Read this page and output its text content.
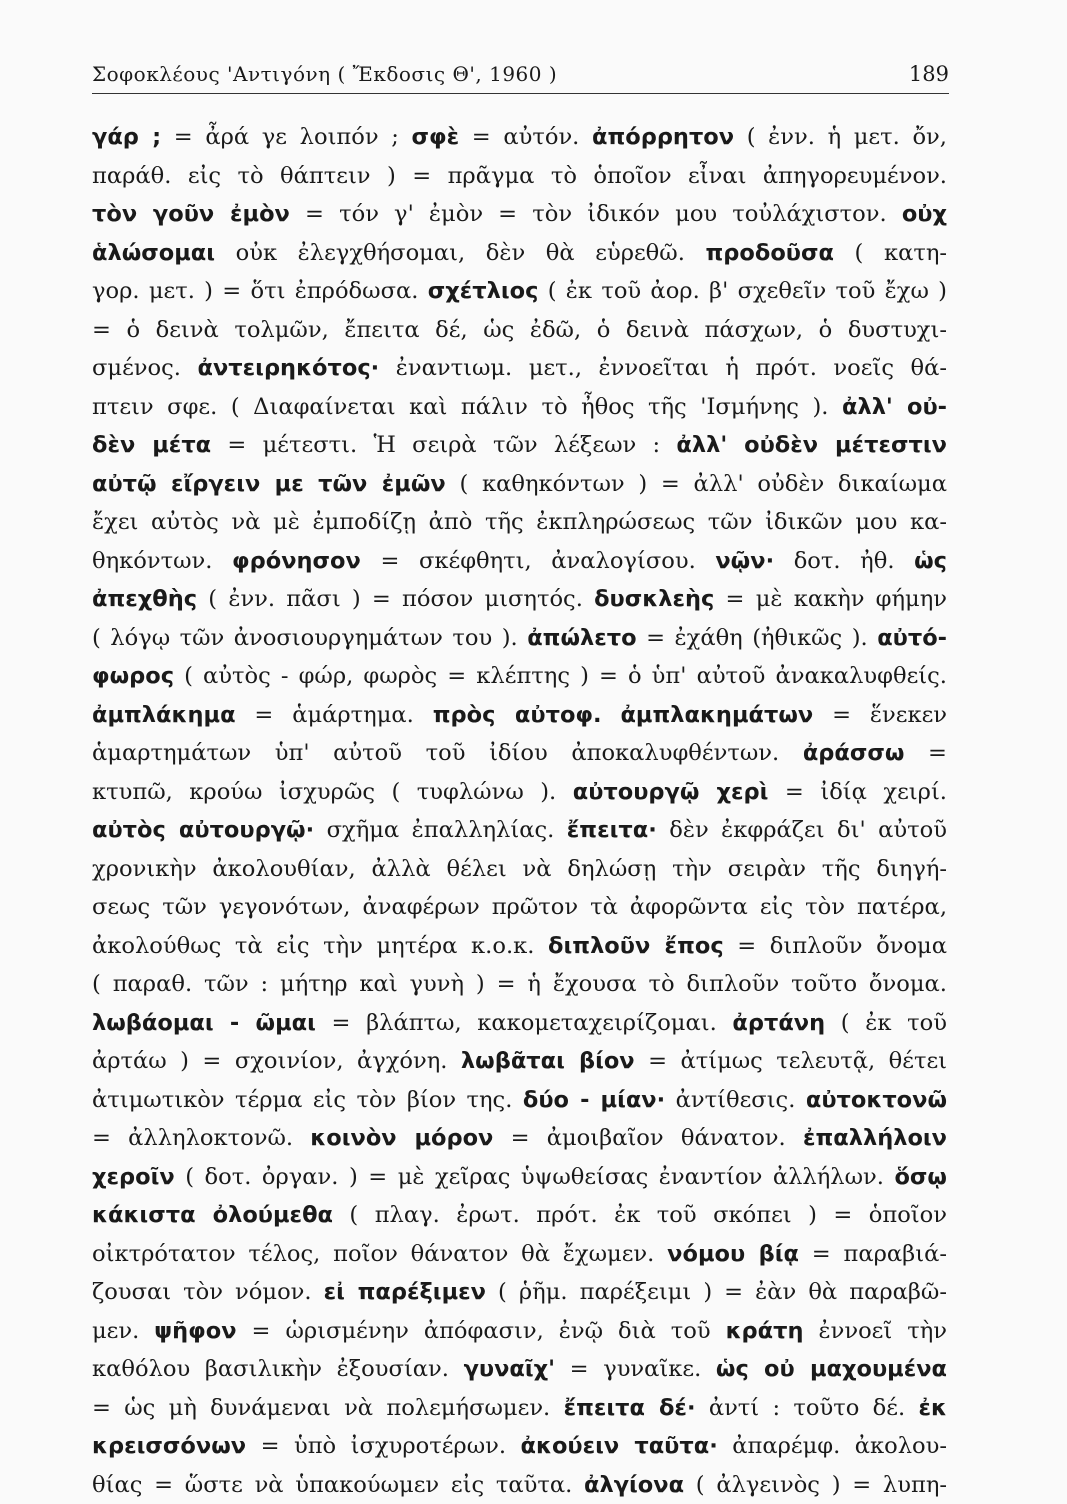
Σοφοκλέους 'Αντιγόνη ( Ἔκδοσις Θ', 1960 )	189
γάρ ; = ἆρά γε λοιπόν ; σφὲ = αὐτόν. ἀπόρρητον ( ἐνν. ἡ μετ. ὄν,
παράθ. εἰς τὸ θάπτειν ) = πρᾶγμα τὸ ὁποῖον εἶναι ἀπηγορευμένον.
τὸν γοῦν ἐμὸν = τόν γ' ἐμὸν = τὸν ἰδικόν μου τοὐλάχιστον. οὐχ
ἁλώσομαι οὐκ ἐλεγχθήσομαι, δὲν θὰ εὑρεθῶ. προδοῦσα ( κατη-
γορ. μετ. ) = ὅτι ἐπρόδωσα. σχέτλιος ( ἐκ τοῦ ἀορ. β' σχεθεῖν τοῦ ἔχω )
= ὁ δεινὰ τολμῶν, ἔπειτα δέ, ὡς ἐδῶ, ὁ δεινὰ πάσχων, ὁ δυστυχι-
σμένος. ἀντειρηκότος· ἐναντιωμ. μετ., ἐννοεῖται ἡ πρότ. νοεῖς θά-
πτειν σφε. ( Διαφαίνεται καὶ πάλιν τὸ ἦθος τῆς 'Ισμήνης ). ἀλλ' οὐ-
δὲν μέτα = μέτεστι. Ἡ σειρὰ τῶν λέξεων : ἀλλ' οὐδὲν μέτεστιν
αὐτῷ εἴργειν με τῶν ἐμῶν ( καθηκόντων ) = ἀλλ' οὐδὲν δικαίωμα
ἔχει αὐτὸς νὰ μὲ ἐμποδίζῃ ἀπὸ τῆς ἐκπληρώσεως τῶν ἰδικῶν μου κα-
θηκόντων. φρόνησον = σκέφθητι, ἀναλογίσου. νῷν· δοτ. ἠθ. ὡς
ἀπεχθὴς ( ἐνν. πᾶσι ) = πόσον μισητός. δυσκλεὴς = μὲ κακὴν φήμην
( λόγῳ τῶν ἀνοσιουργημάτων του ). ἀπώλετο = ἐχάθη (ἠθικῶς ). αὐτό-
φωρος ( αὐτὸς - φώρ, φωρὸς = κλέπτης ) = ὁ ὑπ' αὐτοῦ ἀνακαλυφθείς.
ἀμπλάκημα = ἁμάρτημα. πρὸς αὐτοφ. ἀμπλακημάτων = ἕνεκεν
ἁμαρτημάτων ὑπ' αὐτοῦ τοῦ ἰδίου ἀποκαλυφθέντων. ἀράσσω =
κτυπῶ, κρούω ἰσχυρῶς ( τυφλώνω ). αὐτουργῷ χερὶ = ἰδίᾳ χειρί.
αὐτὸς αὐτουργῷ· σχῆμα ἐπαλληλίας. ἔπειτα· δὲν ἐκφράζει δι' αὐτοῦ
χρονικὴν ἀκολουθίαν, ἀλλὰ θέλει νὰ δηλώσῃ τὴν σειρὰν τῆς διηγή-
σεως τῶν γεγονότων, ἀναφέρων πρῶτον τὰ ἀφορῶντα εἰς τὸν πατέρα,
ἀκολούθως τὰ εἰς τὴν μητέρα κ.ο.κ. διπλοῦν ἔπος = διπλοῦν ὄνομα
( παραθ. τῶν : μήτηρ καὶ γυνὴ ) = ἡ ἔχουσα τὸ διπλοῦν τοῦτο ὄνομα.
λωβάομαι - ῶμαι = βλάπτω, κακομεταχειρίζομαι. ἀρτάνη ( ἐκ τοῦ
ἀρτάω ) = σχοινίον, ἀγχόνη. λωβᾶται βίον = ἀτίμως τελευτᾷ, θέτει
ἀτιμωτικὸν τέρμα εἰς τὸν βίον της. δύο - μίαν· ἀντίθεσις. αὐτοκτονῶ
= ἀλληλοκτονῶ. κοινὸν μόρον = ἀμοιβαῖον θάνατον. ἐπαλλήλοιν
χεροῖν ( δοτ. ὀργαν. ) = μὲ χεῖρας ὑψωθείσας ἐναντίον ἀλλήλων. ὅσῳ
κάκιστα ὀλούμεθα ( πλαγ. ἐρωτ. πρότ. ἐκ τοῦ σκόπει ) = ὁποῖον
οἰκτρότατον τέλος, ποῖον θάνατον θὰ ἔχωμεν. νόμου βίᾳ = παραβιά-
ζουσαι τὸν νόμον. εἰ παρέξιμεν ( ῥῆμ. παρέξειμι ) = ἐὰν θὰ παραβῶ-
μεν. ψῆφον = ὡρισμένην ἀπόφασιν, ἐνῷ διὰ τοῦ κράτη ἐννοεῖ τὴν
καθόλου βασιλικὴν ἐξουσίαν. γυναῖχ' = γυναῖκε. ὡς οὐ μαχουμένα
= ὡς μὴ δυνάμεναι νὰ πολεμήσωμεν. ἔπειτα δέ· ἀντί : τοῦτο δέ. ἐκ
κρεισσόνων = ὑπὸ ἰσχυροτέρων. ἀκούειν ταῦτα· ἀπαρέμφ. ἀκολου-
θίας = ὥστε νὰ ὑπακούωμεν εἰς ταῦτα. ἀλγίονα ( ἀλγεινὸς ) = λυπη-
